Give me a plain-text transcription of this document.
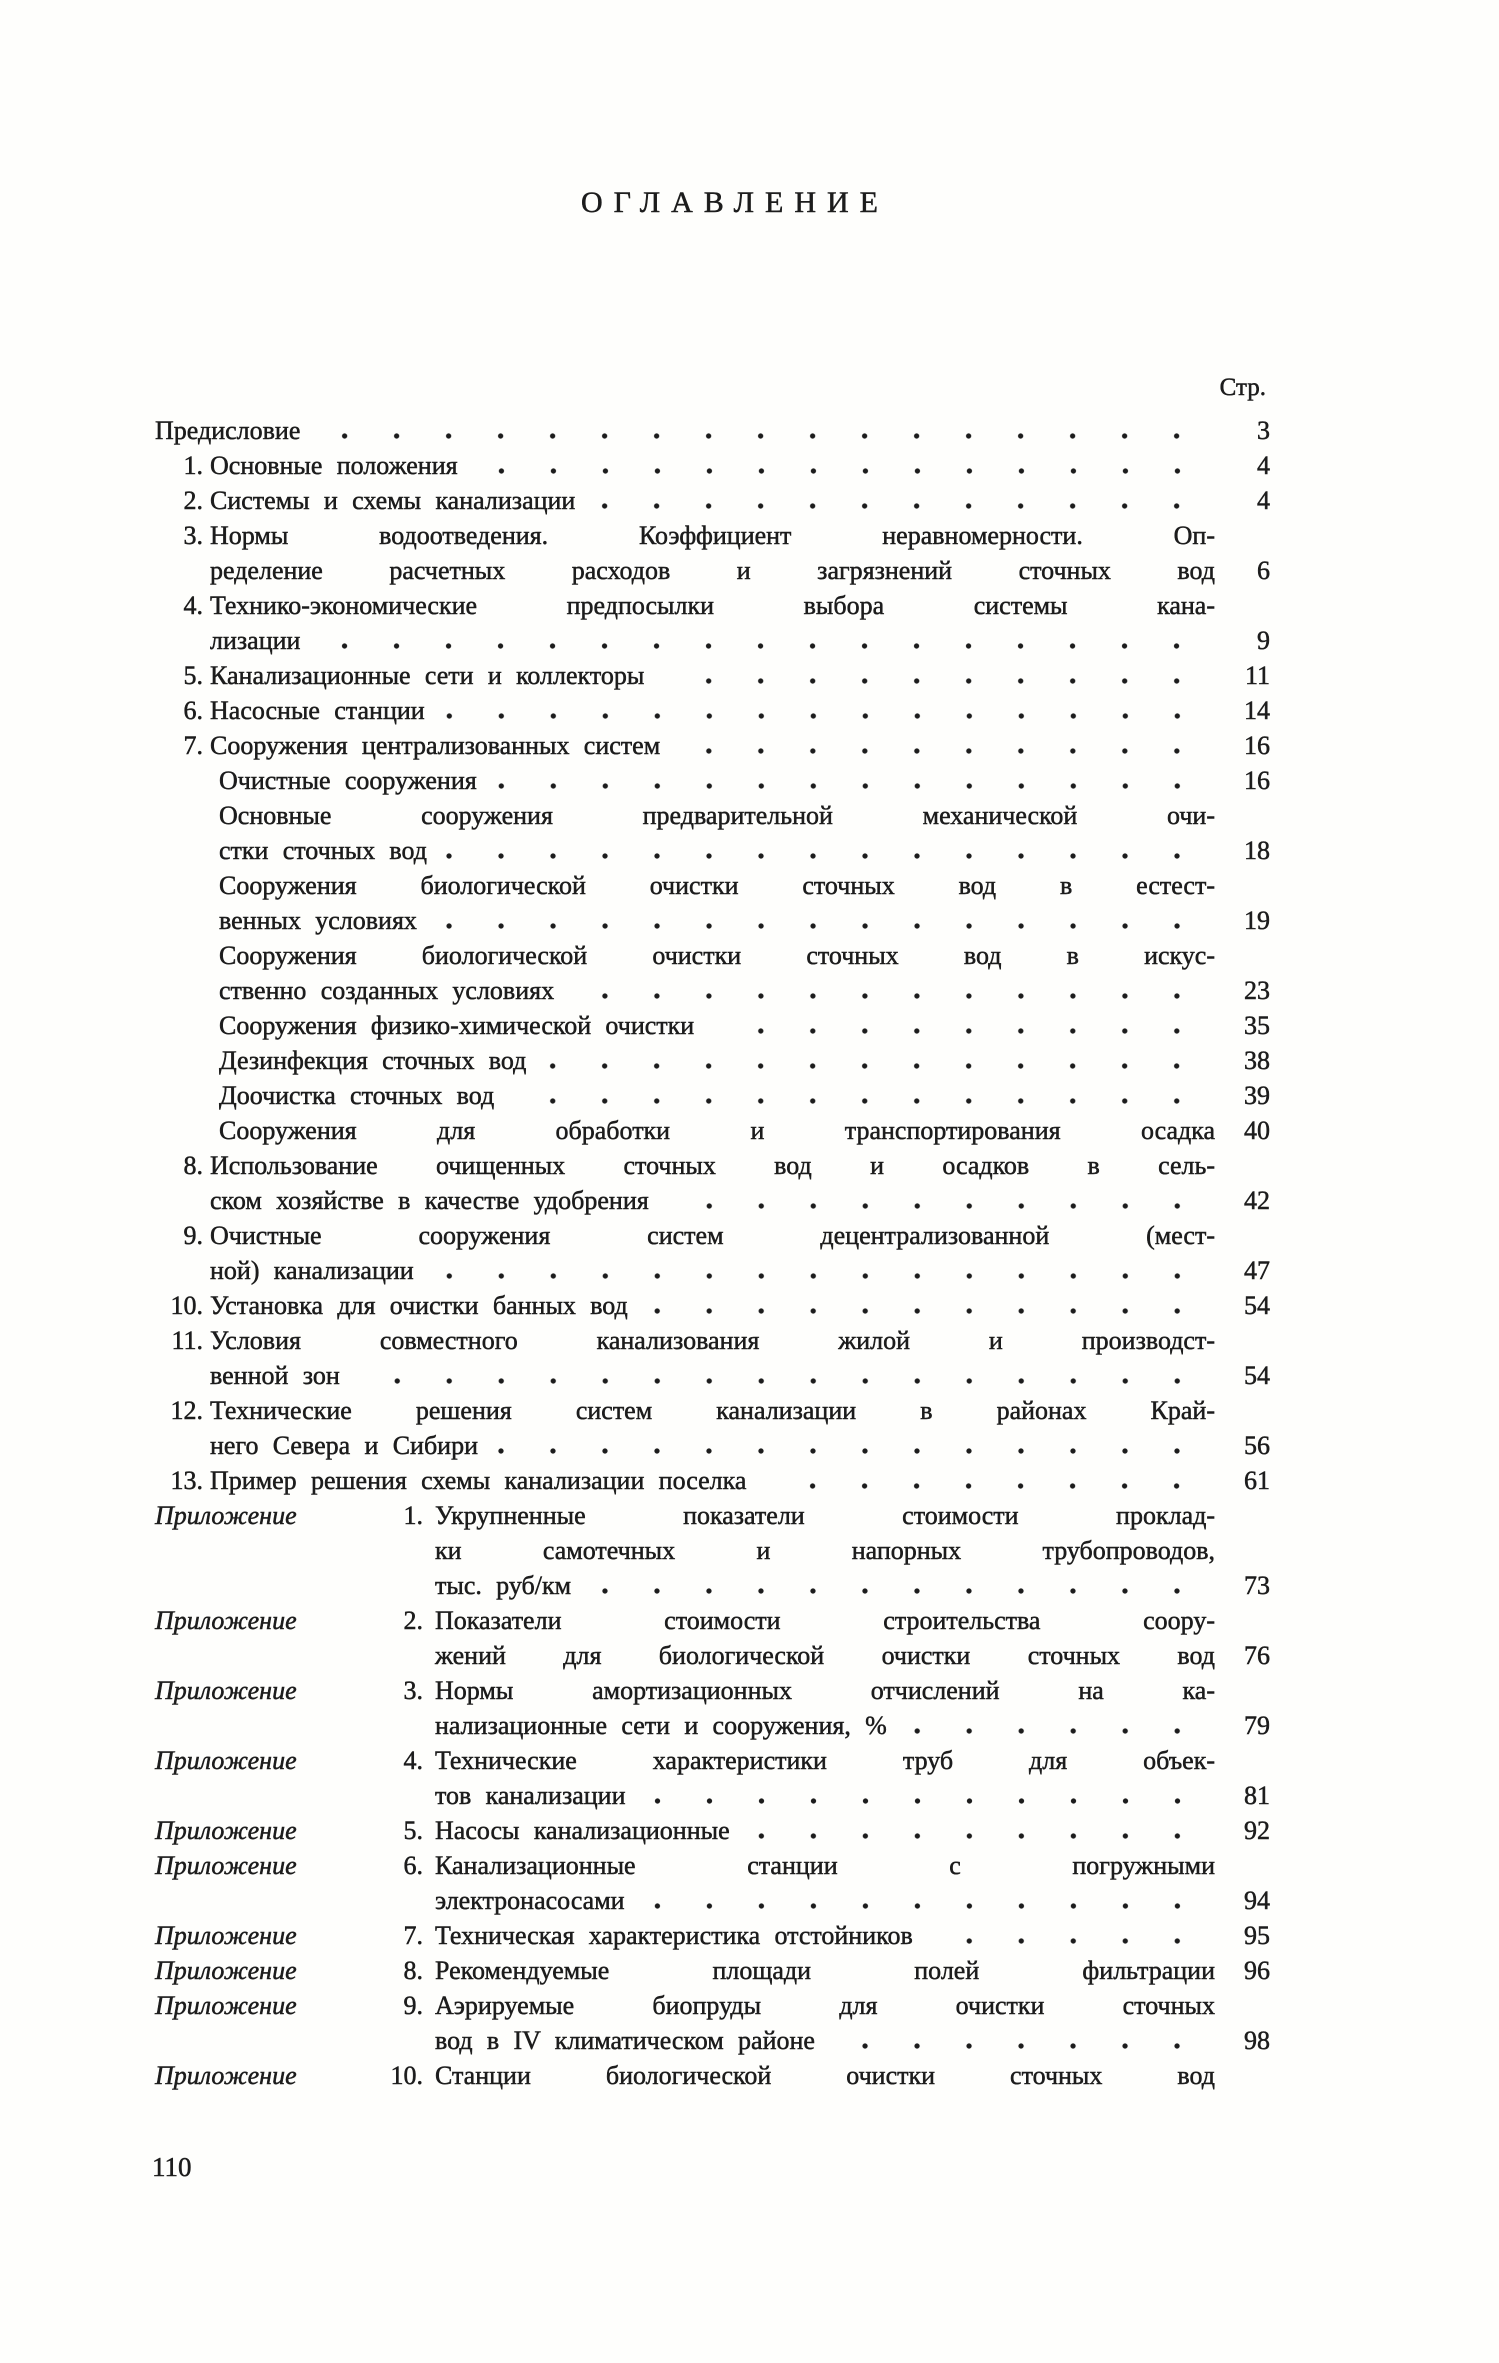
ОГЛАВЛЕНИЕ
Стр.
Предисловие	3
1. Основные положения	4
2. Системы и схемы канализации	4
3. Нормы водоотведения. Коэффициент неравномерности. Оп-
ределение расчетных расходов и загрязнений сточных вод	6
4. Технико-экономические предпосылки выбора системы кана-
лизации	9
5. Канализационные сети и коллекторы	11
6. Насосные станции	14
7. Сооружения централизованных систем	16
Очистные сооружения	16
Основные сооружения предварительной механической очи-
стки сточных вод	18
Сооружения биологической очистки сточных вод в естест-
венных условиях	19
Сооружения биологической очистки сточных вод в искус-
ственно созданных условиях	23
Сооружения физико-химической очистки	35
Дезинфекция сточных вод	38
Доочистка сточных вод	39
Сооружения для обработки и транспортирования осадка	40
8. Использование очищенных сточных вод и осадков в сель-
ском хозяйстве в качестве удобрения	42
9. Очистные сооружения систем децентрализованной (мест-
ной) канализации	47
10. Установка для очистки банных вод	54
11. Условия совместного канализования жилой и производст-
венной зон	54
12. Технические решения систем канализации в районах Край-
него Севера и Сибири	56
13. Пример решения схемы канализации поселка	61
Приложение	1. Укрупненные показатели стоимости проклад-
ки самотечных и напорных трубопроводов,
тыс. руб/км	73
Приложение	2. Показатели стоимости строительства соору-
жений для биологической очистки сточных вод	76
Приложение	3. Нормы амортизационных отчислений на ка-
нализационные сети и сооружения, %	79
Приложение	4. Технические характеристики труб для объек-
тов канализации	81
Приложение	5. Насосы канализационные	92
Приложение	6. Канализационные станции с погружными
электронасосами	94
Приложение	7. Техническая характеристика отстойников	95
Приложение	8. Рекомендуемые площади полей фильтрации	96
Приложение	9. Аэрируемые биопруды для очистки сточных
вод в IV климатическом районе	98
Приложение	10. Станции биологической очистки сточных вод
110
